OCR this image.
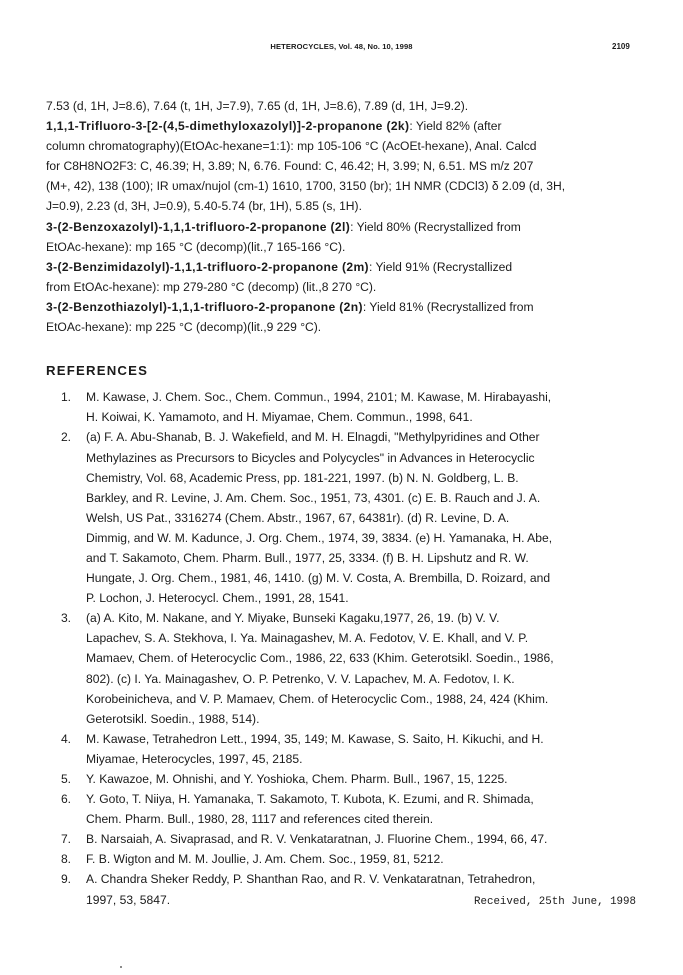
HETEROCYCLES, Vol. 48, No. 10, 1998	2109

7.53 (d, 1H, J=8.6), 7.64 (t, 1H, J=7.9), 7.65 (d, 1H, J=8.6), 7.89 (d, 1H, J=9.2).

1,1,1-Trifluoro-3-[2-(4,5-dimethyloxazolyl)]-2-propanone (2k): Yield 82% (after

column chromatography)(EtOAc-hexane=1:1): mp 105-106 °C (AcOEt-hexane), Anal. Calcd

for C8H8NO2F3: C, 46.39; H, 3.89; N, 6.76. Found: C, 46.42; H, 3.99; N, 6.51. MS m/z 207

(M+, 42), 138 (100); IR υmax/nujol (cm-1) 1610, 1700, 3150 (br); 1H NMR (CDCl3) δ 2.09 (d, 3H,

J=0.9), 2.23 (d, 3H, J=0.9), 5.40-5.74 (br, 1H), 5.85 (s, 1H).

3-(2-Benzoxazolyl)-1,1,1-trifluoro-2-propanone (2l): Yield 80% (Recrystallized from

EtOAc-hexane): mp 165 °C (decomp)(lit.,7 165-166 °C).

3-(2-Benzimidazolyl)-1,1,1-trifluoro-2-propanone (2m): Yield 91% (Recrystallized

from EtOAc-hexane): mp 279-280 °C (decomp) (lit.,8 270 °C).

3-(2-Benzothiazolyl)-1,1,1-trifluoro-2-propanone (2n): Yield 81% (Recrystallized from

EtOAc-hexane): mp 225 °C (decomp)(lit.,9 229 °C).

REFERENCES
1.	M. Kawase, J. Chem. Soc., Chem. Commun., 1994, 2101; M. Kawase, M. Hirabayashi,
H. Koiwai, K. Yamamoto, and H. Miyamae, Chem. Commun., 1998, 641.
2.	(a) F. A. Abu-Shanab, B. J. Wakefield, and M. H. Elnagdi, "Methylpyridines and Other
Methylazines as Precursors to Bicycles and Polycycles" in Advances in Heterocyclic
Chemistry, Vol. 68, Academic Press, pp. 181-221, 1997. (b) N. N. Goldberg, L. B.
Barkley, and R. Levine, J. Am. Chem. Soc., 1951, 73, 4301. (c) E. B. Rauch and J. A.
Welsh, US Pat., 3316274 (Chem. Abstr., 1967, 67, 64381r). (d) R. Levine, D. A.
Dimmig, and W. M. Kadunce, J. Org. Chem., 1974, 39, 3834. (e) H. Yamanaka, H. Abe,
and T. Sakamoto, Chem. Pharm. Bull., 1977, 25, 3334. (f) B. H. Lipshutz and R. W.
Hungate, J. Org. Chem., 1981, 46, 1410. (g) M. V. Costa, A. Brembilla, D. Roizard, and
P. Lochon, J. Heterocycl. Chem., 1991, 28, 1541.
3.	(a) A. Kito, M. Nakane, and Y. Miyake, Bunseki Kagaku,1977, 26, 19. (b) V. V.
Lapachev, S. A. Stekhova, I. Ya. Mainagashev, M. A. Fedotov, V. E. Khall, and V. P.
Mamaev, Chem. of Heterocyclic Com., 1986, 22, 633 (Khim. Geterotsikl. Soedin., 1986,
802). (c) I. Ya. Mainagashev, O. P. Petrenko, V. V. Lapachev, M. A. Fedotov, I. K.
Korobeinicheva, and V. P. Mamaev, Chem. of Heterocyclic Com., 1988, 24, 424 (Khim.
Geterotsikl. Soedin., 1988, 514).
4.	M. Kawase, Tetrahedron Lett., 1994, 35, 149; M. Kawase, S. Saito, H. Kikuchi, and H.
Miyamae, Heterocycles, 1997, 45, 2185.
5.	Y. Kawazoe, M. Ohnishi, and Y. Yoshioka, Chem. Pharm. Bull., 1967, 15, 1225.
6.	Y. Goto, T. Niiya, H. Yamanaka, T. Sakamoto, T. Kubota, K. Ezumi, and R. Shimada,
Chem. Pharm. Bull., 1980, 28, 1117 and references cited therein.
7.	B. Narsaiah, A. Sivaprasad, and R. V. Venkataratnan, J. Fluorine Chem., 1994, 66, 47.
8.	F. B. Wigton and M. M. Joullie, J. Am. Chem. Soc., 1959, 81, 5212.
9.	A. Chandra Sheker Reddy, P. Shanthan Rao, and R. V. Venkataratnan, Tetrahedron,
1997, 53, 5847.	Received, 25th June, 1998
